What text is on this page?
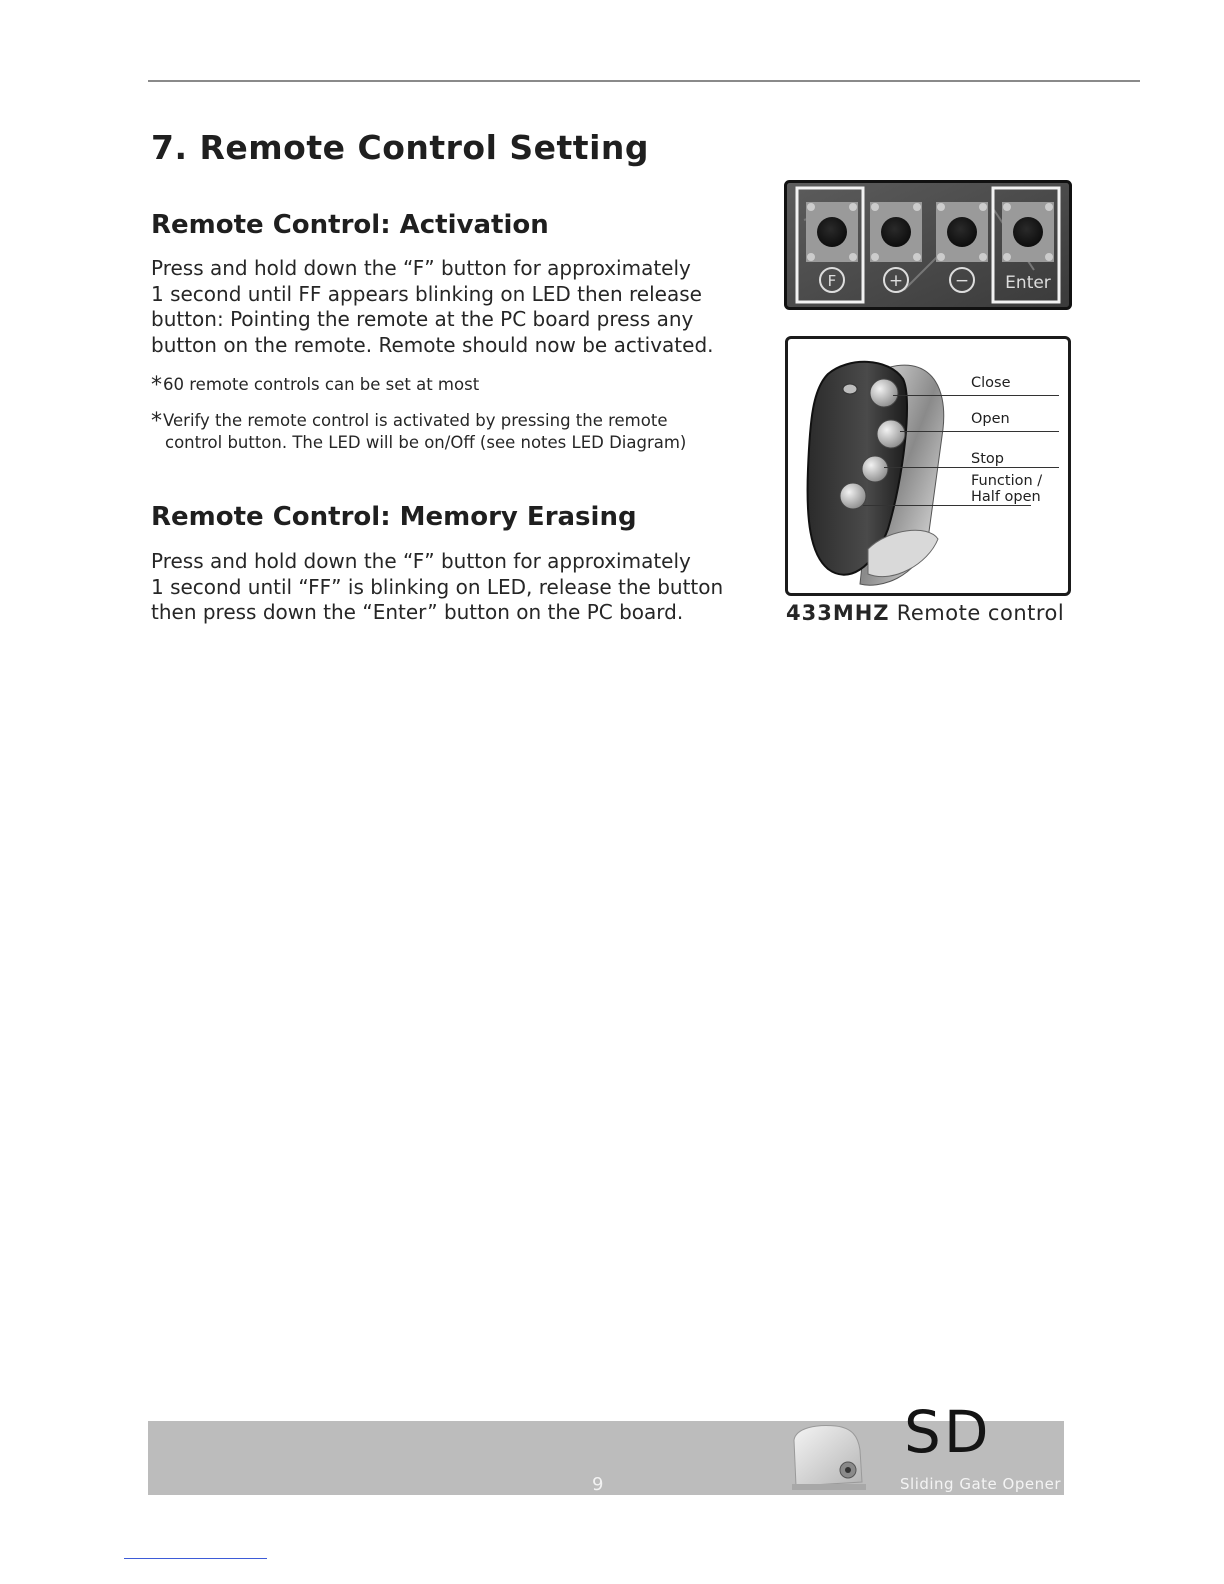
7. Remote Control Setting
Remote Control: Activation

Press and hold down the “F” button for approximately
1 second until FF appears blinking on LED then release
button: Pointing the remote at the PC board press any
button on the remote. Remote should now be activated.

*60 remote controls can be set at most

*Verify the remote control is activated by pressing the remote
control button. The LED will be on/Off (see notes LED Diagram)

Remote Control: Memory Erasing

Press and hold down the “F” button for approximately
1 second until “FF” is blinking on LED, release the button
then press down the “Enter” button on the PC board.

F	+	− Enter
Close
Open
Stop
Function /
Half open

433MHZ Remote control

9
SD
Sliding Gate Opener
